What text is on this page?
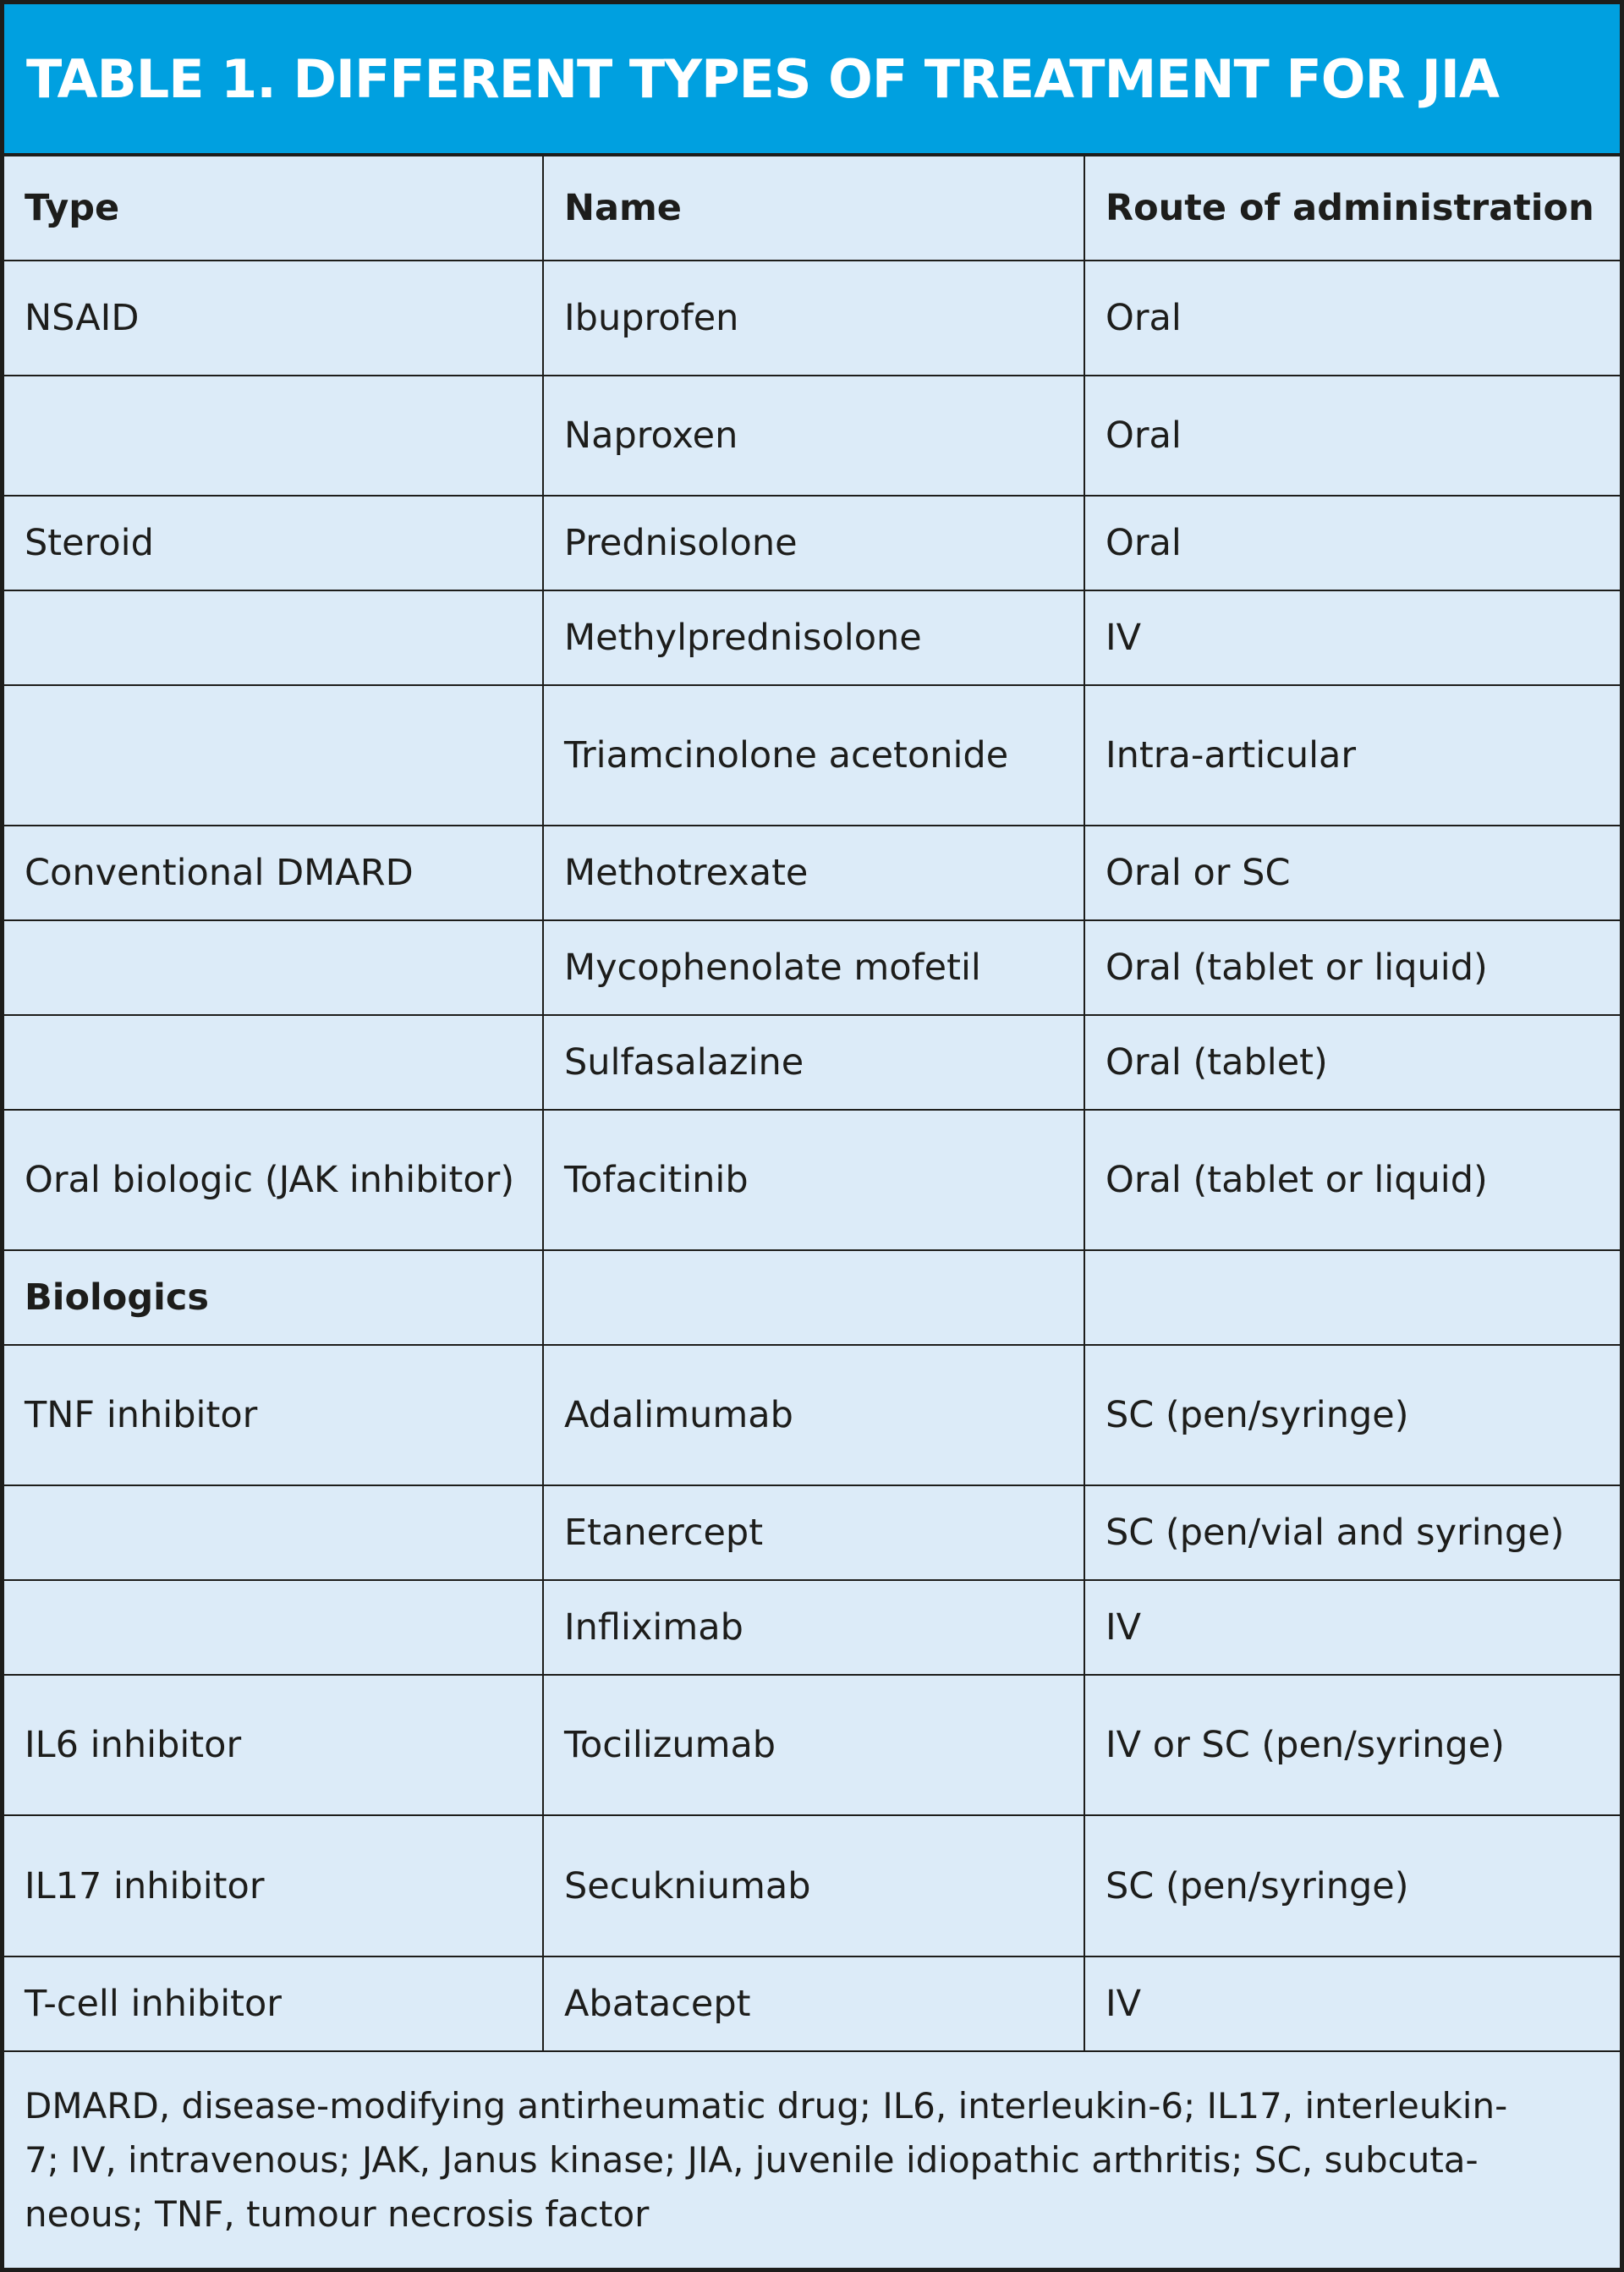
TABLE 1. DIFFERENT TYPES OF TREATMENT FOR JIA
Type	Name	Route of administration
NSAID	Ibuprofen	Oral
	Naproxen	Oral
Steroid	Prednisolone	Oral
	Methylprednisolone	IV
	Triamcinolone acetonide	Intra-articular
Conventional DMARD	Methotrexate	Oral or SC
	Mycophenolate mofetil	Oral (tablet or liquid)
	Sulfasalazine	Oral (tablet)
Oral biologic (JAK inhibitor)	Tofacitinib	Oral (tablet or liquid)
Biologics		
TNF inhibitor	Adalimumab	SC (pen/syringe)
	Etanercept	SC (pen/vial and syringe)
	Infliximab	IV
IL6 inhibitor	Tocilizumab	IV or SC (pen/syringe)
IL17 inhibitor	Secukniumab	SC (pen/syringe)
T-cell inhibitor	Abatacept	IV
DMARD, disease-modifying antirheumatic drug; IL6, interleukin-6; IL17, interleukin-
7; IV, intravenous; JAK, Janus kinase; JIA, juvenile idiopathic arthritis; SC, subcuta-
neous; TNF, tumour necrosis factor
